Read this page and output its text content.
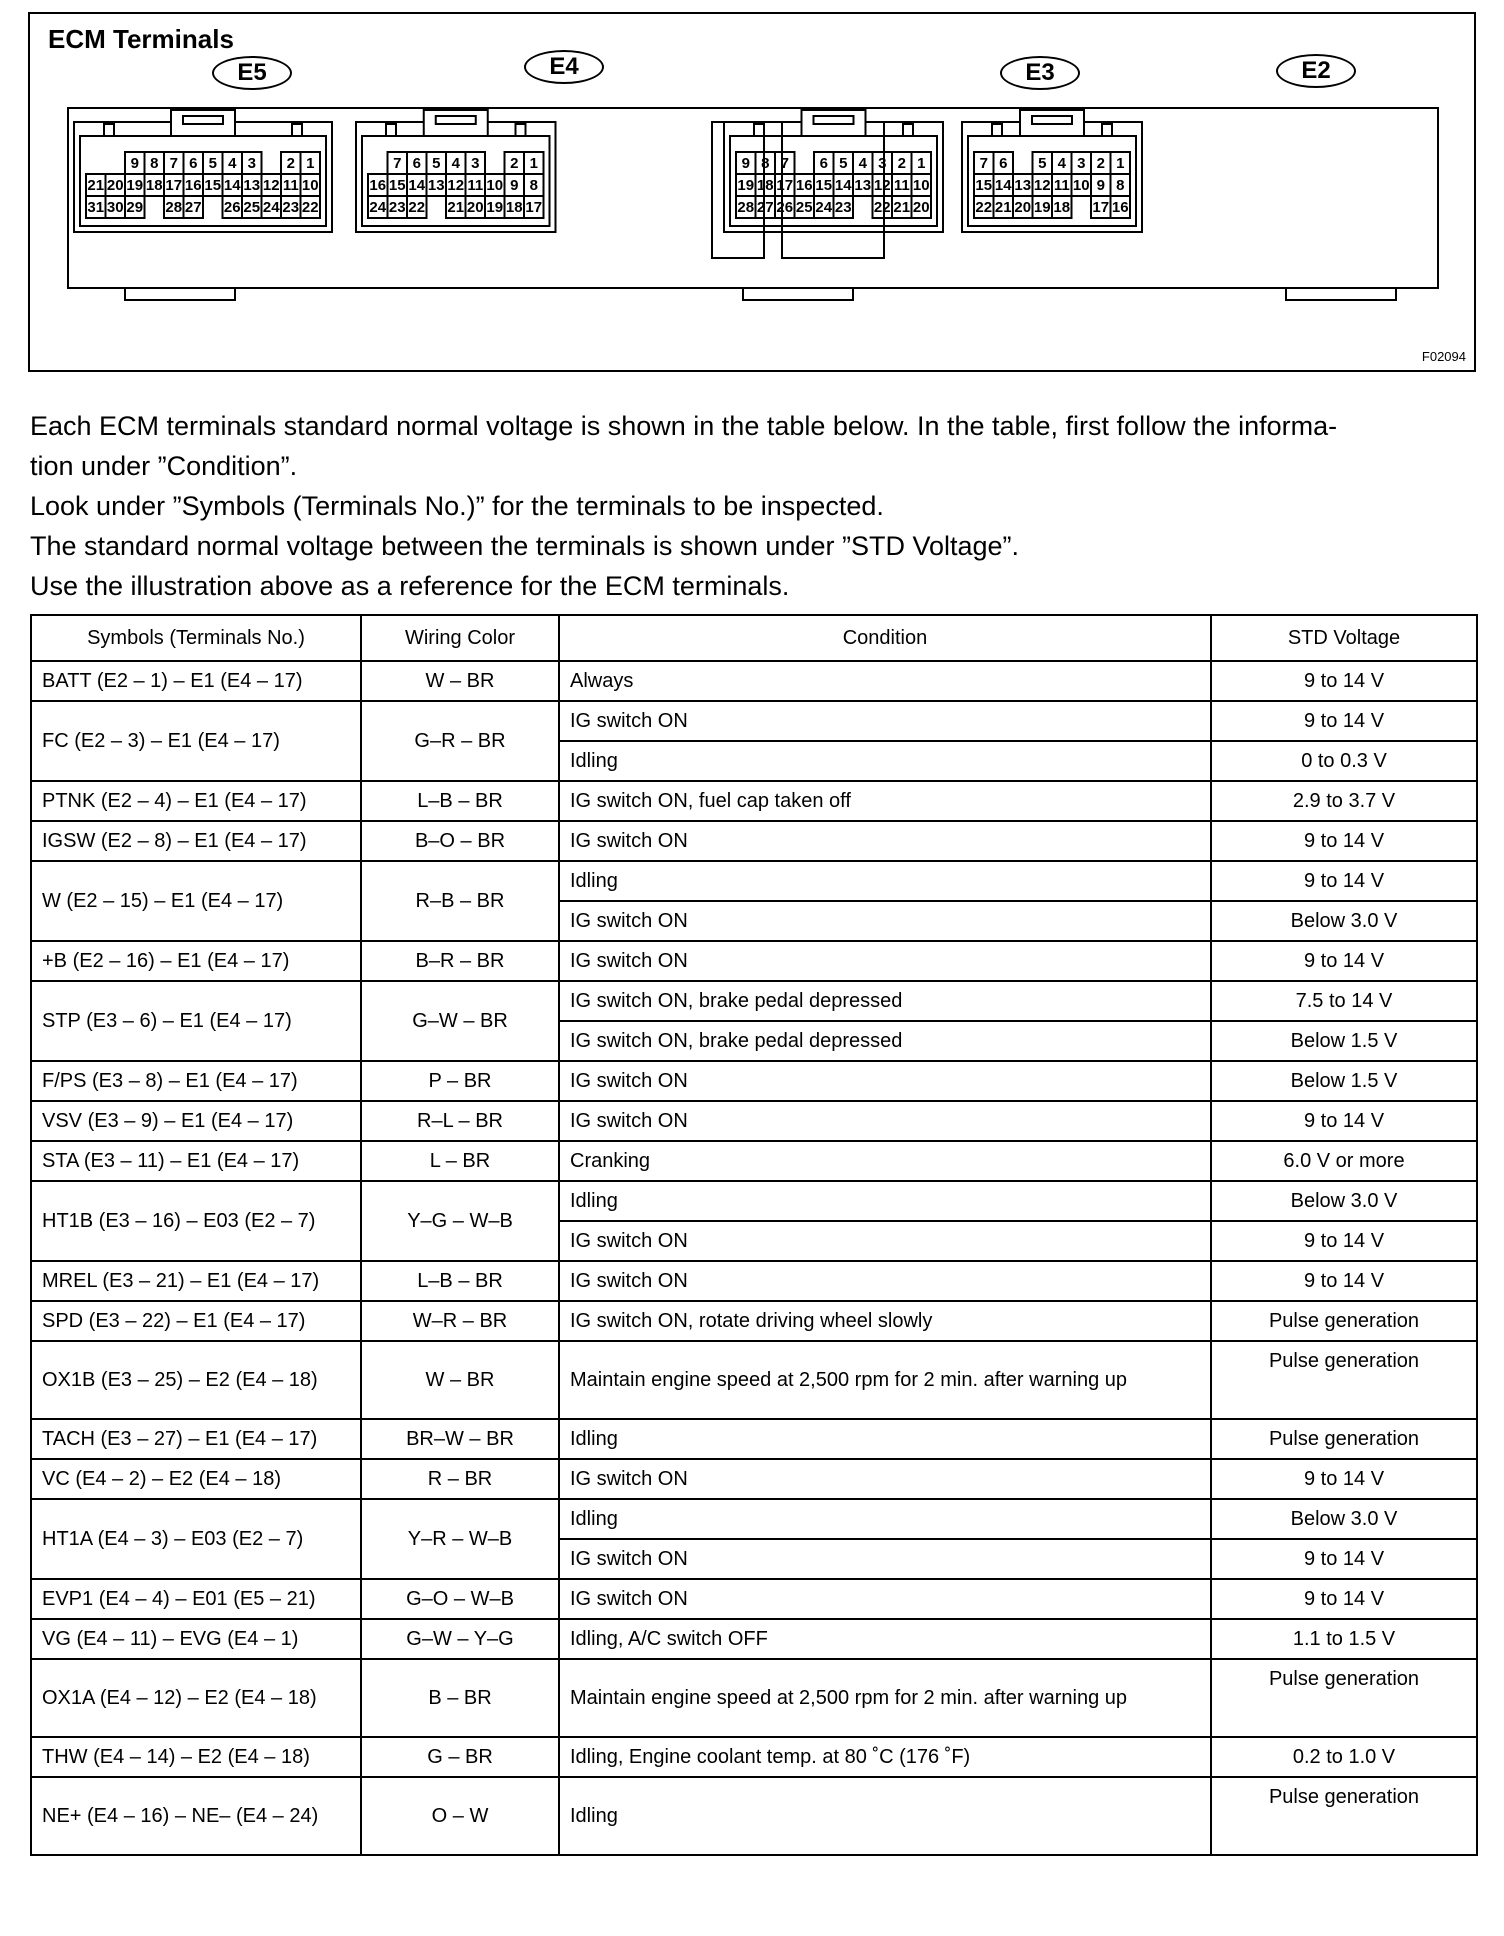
ECM Terminals
E5	E4	E3	E2
9 8 7 6 5 4 3 2 1
21 20 19 18 17 16 15 14 13 12 11 10
31 30 29 28 27 26 25 24 23 22
7 6 5 4 3 2 1
16 15 14 13 12 11 10 9 8
24 23 22 21 20 19 18 17
9 8 7 6 5 4 3 2 1
19 18 17 16 15 14 13 12 11 10
28 27 26 25 24 23 22 21 20
7 6 5 4 3 2 1
15 14 13 12 11 10 9 8
22 21 20 19 18 17 16
F02094

Each ECM terminals standard normal voltage is shown in the table below. In the table, first follow the informa-

tion under ”Condition”.

Look under ”Symbols (Terminals No.)” for the terminals to be inspected.

The standard normal voltage between the terminals is shown under ”STD Voltage”.

Use the illustration above as a reference for the ECM terminals.

Symbols (Terminals No.)	Wiring Color	Condition	STD Voltage
BATT (E2 – 1) – E1 (E4 – 17)	W – BR	Always	9 to 14 V
FC (E2 – 3) – E1 (E4 – 17)	G–R – BR	IG switch ON	9 to 14 V
		Idling	0 to 0.3 V
PTNK (E2 – 4) – E1 (E4 – 17)	L–B – BR	IG switch ON, fuel cap taken off	2.9 to 3.7 V
IGSW (E2 – 8) – E1 (E4 – 17)	B–O – BR	IG switch ON	9 to 14 V
W (E2 – 15) – E1 (E4 – 17)	R–B – BR	Idling	9 to 14 V
		IG switch ON	Below 3.0 V
+B (E2 – 16) – E1 (E4 – 17)	B–R – BR	IG switch ON	9 to 14 V
STP (E3 – 6) – E1 (E4 – 17)	G–W – BR	IG switch ON, brake pedal depressed	7.5 to 14 V
		IG switch ON, brake pedal depressed	Below 1.5 V
F/PS (E3 – 8) – E1 (E4 – 17)	P – BR	IG switch ON	Below 1.5 V
VSV (E3 – 9) – E1 (E4 – 17)	R–L – BR	IG switch ON	9 to 14 V
STA (E3 – 11) – E1 (E4 – 17)	L – BR	Cranking	6.0 V or more
HT1B (E3 – 16) – E03 (E2 – 7)	Y–G – W–B	Idling	Below 3.0 V
		IG switch ON	9 to 14 V
MREL (E3 – 21) – E1 (E4 – 17)	L–B – BR	IG switch ON	9 to 14 V
SPD (E3 – 22) – E1 (E4 – 17)	W–R – BR	IG switch ON, rotate driving wheel slowly	Pulse generation
OX1B (E3 – 25) – E2 (E4 – 18)	W – BR	Maintain engine speed at 2,500 rpm for 2 min. after warning up	Pulse generation
TACH (E3 – 27) – E1 (E4 – 17)	BR–W – BR	Idling	Pulse generation
VC (E4 – 2) – E2 (E4 – 18)	R – BR	IG switch ON	9 to 14 V
HT1A (E4 – 3) – E03 (E2 – 7)	Y–R – W–B	Idling	Below 3.0 V
		IG switch ON	9 to 14 V
EVP1 (E4 – 4) – E01 (E5 – 21)	G–O – W–B	IG switch ON	9 to 14 V
VG (E4 – 11) – EVG (E4 – 1)	G–W – Y–G	Idling, A/C switch OFF	1.1 to 1.5 V
OX1A (E4 – 12) – E2 (E4 – 18)	B – BR	Maintain engine speed at 2,500 rpm for 2 min. after warning up	Pulse generation
THW (E4 – 14) – E2 (E4 – 18)	G – BR	Idling, Engine coolant temp. at 80 ˚C (176 ˚F)	0.2 to 1.0 V
NE+ (E4 – 16) – NE– (E4 – 24)	O – W	Idling	Pulse generation
